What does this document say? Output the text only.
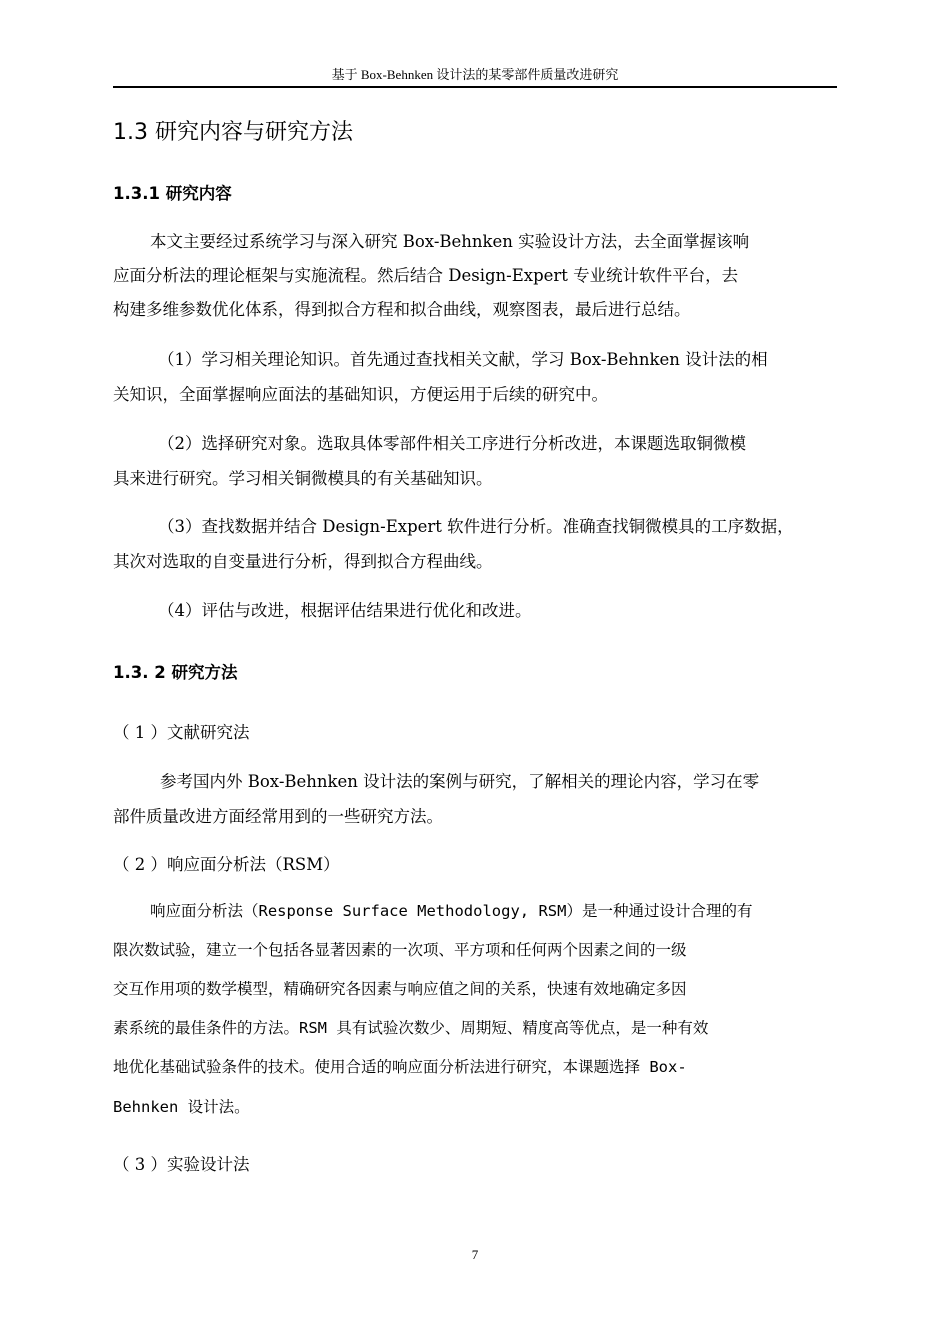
基于 Box-Behnken 设计法的某零部件质量改进研究
1.3 研究内容与研究方法
1.3.1 研究内容
本文主要经过系统学习与深入研究 Box-Behnken 实验设计方法，去全面掌握该响
应面分析法的理论框架与实施流程。然后结合 Design-Expert 专业统计软件平台，去
构建多维参数优化体系，得到拟合方程和拟合曲线，观察图表，最后进行总结。
（1）学习相关理论知识。首先通过查找相关文献，学习 Box-Behnken 设计法的相
关知识，全面掌握响应面法的基础知识，方便运用于后续的研究中。
（2）选择研究对象。选取具体零部件相关工序进行分析改进，本课题选取铜微模
具来进行研究。学习相关铜微模具的有关基础知识。
（3）查找数据并结合 Design-Expert 软件进行分析。准确查找铜微模具的工序数据，
其次对选取的自变量进行分析，得到拟合方程曲线。
（4）评估与改进，根据评估结果进行优化和改进。
1.3. 2 研究方法
（ 1 ）文献研究法
参考国内外 Box-Behnken 设计法的案例与研究，了解相关的理论内容，学习在零
部件质量改进方面经常用到的一些研究方法。
（ 2 ）响应面分析法（RSM）
响应面分析法（Response Surface Methodology, RSM）是一种通过设计合理的有
限次数试验，建立一个包括各显著因素的一次项、平方项和任何两个因素之间的一级
交互作用项的数学模型，精确研究各因素与响应值之间的关系，快速有效地确定多因
素系统的最佳条件的方法。RSM 具有试验次数少、周期短、精度高等优点，是一种有效
地优化基础试验条件的技术。使用合适的响应面分析法进行研究，本课题选择 Box-
Behnken 设计法。
（ 3 ）实验设计法
7
